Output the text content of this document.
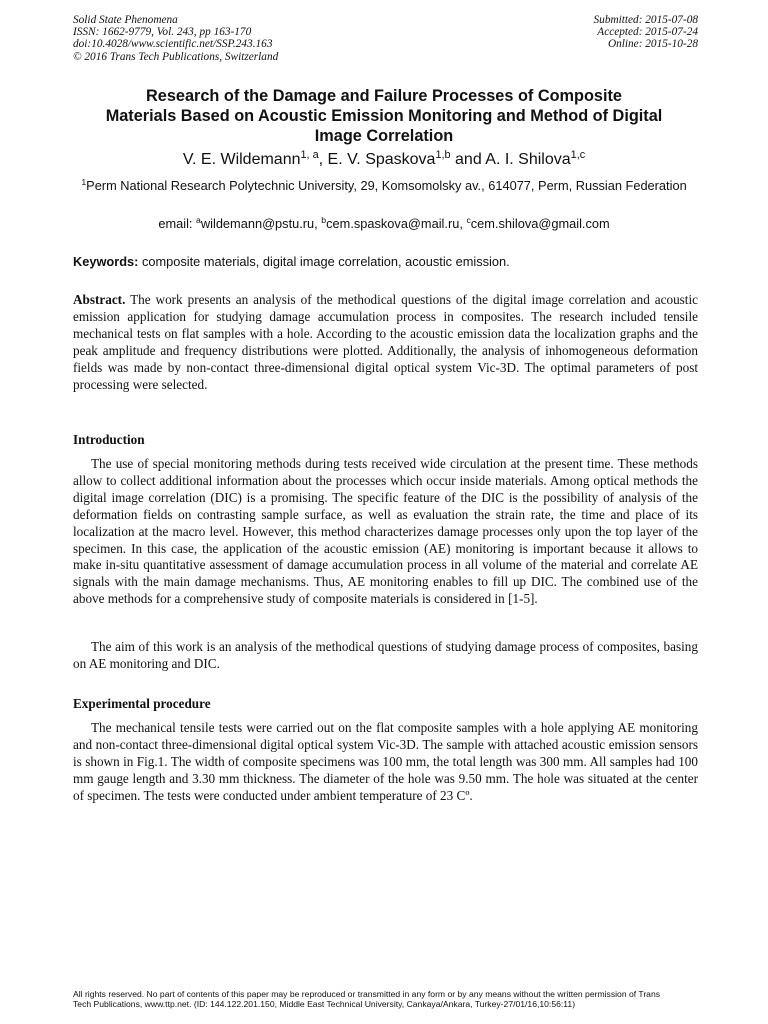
Solid State Phenomena
ISSN: 1662-9779, Vol. 243, pp 163-170
doi:10.4028/www.scientific.net/SSP.243.163
© 2016 Trans Tech Publications, Switzerland
Submitted: 2015-07-08
Accepted: 2015-07-24
Online: 2015-10-28
Research of the Damage and Failure Processes of Composite
Materials Based on Acoustic Emission Monitoring and Method of Digital
Image Correlation
V. E. Wildemann$^{1, a}$, E. V. Spaskova$^{1,b}$ and A. I. Shilova$^{1,c}$
$^1$Perm National Research Polytechnic University, 29, Komsomolsky av., 614077, Perm, Russian Federation
email: $^a$wildemann@pstu.ru, $^b$cem.spaskova@mail.ru, $^c$cem.shilova@gmail.com
Keywords: composite materials, digital image correlation, acoustic emission.
Abstract. The work presents an analysis of the methodical questions of the digital image correlation and acoustic emission application for studying damage accumulation process in composites. The research included tensile mechanical tests on flat samples with a hole. According to the acoustic emission data the localization graphs and the peak amplitude and frequency distributions were plotted. Additionally, the analysis of inhomogeneous deformation fields was made by non-contact three-dimensional digital optical system Vic-3D. The optimal parameters of post processing were selected.
Introduction
The use of special monitoring methods during tests received wide circulation at the present time. These methods allow to collect additional information about the processes which occur inside materials. Among optical methods the digital image correlation (DIC) is a promising. The specific feature of the DIC is the possibility of analysis of the deformation fields on contrasting sample surface, as well as evaluation the strain rate, the time and place of its localization at the macro level. However, this method characterizes damage processes only upon the top layer of the specimen. In this case, the application of the acoustic emission (AE) monitoring is important because it allows to make in-situ quantitative assessment of damage accumulation process in all volume of the material and correlate AE signals with the main damage mechanisms. Thus, AE monitoring enables to fill up DIC. The combined use of the above methods for a comprehensive study of composite materials is considered in [1-5].
The aim of this work is an analysis of the methodical questions of studying damage process of composites, basing on AE monitoring and DIC.
Experimental procedure
The mechanical tensile tests were carried out on the flat composite samples with a hole applying AE monitoring and non-contact three-dimensional digital optical system Vic-3D. The sample with attached acoustic emission sensors is shown in Fig.1. The width of composite specimens was 100 mm, the total length was 300 mm. All samples had 100 mm gauge length and 3.30 mm thickness. The diameter of the hole was 9.50 mm. The hole was situated at the center of specimen. The tests were conducted under ambient temperature of 23 Cº.
All rights reserved. No part of contents of this paper may be reproduced or transmitted in any form or by any means without the written permission of Trans
Tech Publications, www.ttp.net. (ID: 144.122.201.150, Middle East Technical University, Cankaya/Ankara, Turkey-27/01/16,10:56:11)
